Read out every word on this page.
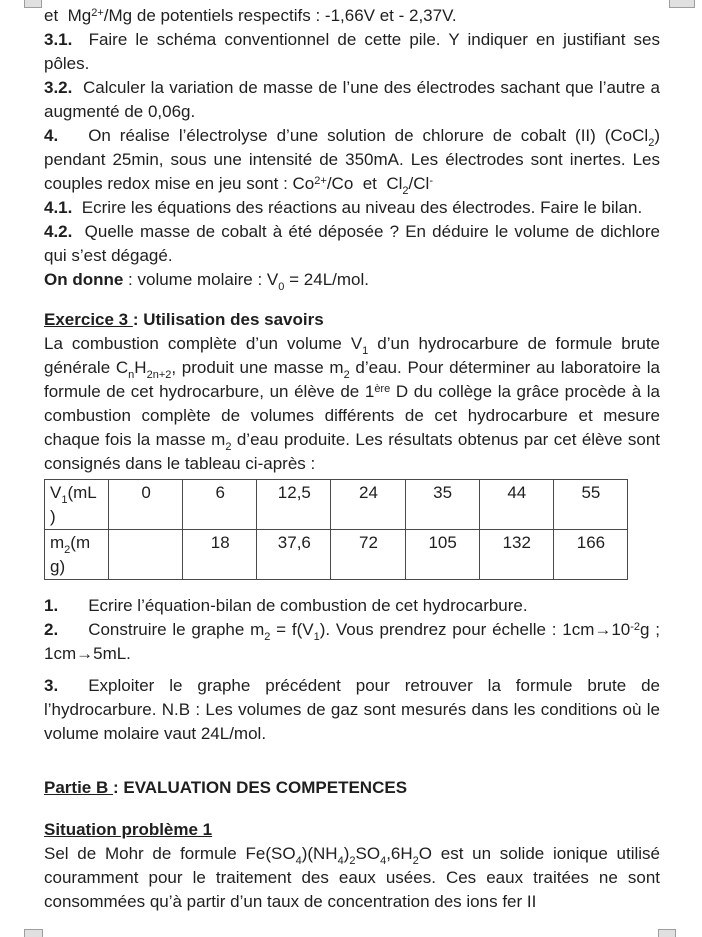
et  $Mg^{2+}/Mg$ de potentiels respectifs : -1,66V et - 2,37V.

3.1.  Faire le schéma conventionnel de cette pile. Y indiquer en justifiant ses pôles.

3.2.  Calculer la variation de masse de l’une des électrodes sachant que l’autre a augmenté de 0,06g.

4. On réalise l’électrolyse d’une solution de chlorure de cobalt (II) (CoCl$_2$) pendant 25min, sous une intensité de 350mA. Les électrodes sont inertes. Les couples redox mise en jeu sont : $Co^{2+}/Co$  et  $Cl_2/Cl^-$

4.1.  Ecrire les équations des réactions au niveau des électrodes. Faire le bilan.

4.2.  Quelle masse de cobalt à été déposée ? En déduire le volume de dichlore qui s’est dégagé.

On donne : volume molaire : $V_0 = 24L/mol$.

Exercice 3 : Utilisation des savoirs

La combustion complète d’un volume $V_1$ d’un hydrocarbure de formule brute générale $C_nH_{2n+2}$, produit une masse $m_2$ d’eau. Pour déterminer au laboratoire la formule de cet hydrocarbure, un élève de 1ère D du collège la grâce procède à la combustion complète de volumes différents de cet hydrocarbure et mesure chaque fois la masse $m_2$ d’eau produite. Les résultats obtenus par cet élève sont consignés dans le tableau ci-après :

$V_1(mL$
)	0	6	12,5	24	35	44	55
$m_2(m$
g)		18	37,6	72	105	132	166

1. Ecrire l’équation-bilan de combustion de cet hydrocarbure.

2. Construire le graphe $m_2 = f(V_1)$. Vous prendrez pour échelle : $1cm\to 10^{-2}g$ ; 1cm→5mL.

3. Exploiter le graphe précédent pour retrouver la formule brute de l’hydrocarbure. N.B : Les volumes de gaz sont mesurés dans les conditions où le volume molaire vaut 24L/mol.

Partie B : EVALUATION DES COMPETENCES

Situation problème 1

Sel de Mohr de formule $Fe(SO_4)(NH_4)_2SO_4,6H_2O$ est un solide ionique utilisé couramment pour le traitement des eaux usées. Ces eaux traitées ne sont consommées qu’à partir d’un taux de concentration des ions fer II
